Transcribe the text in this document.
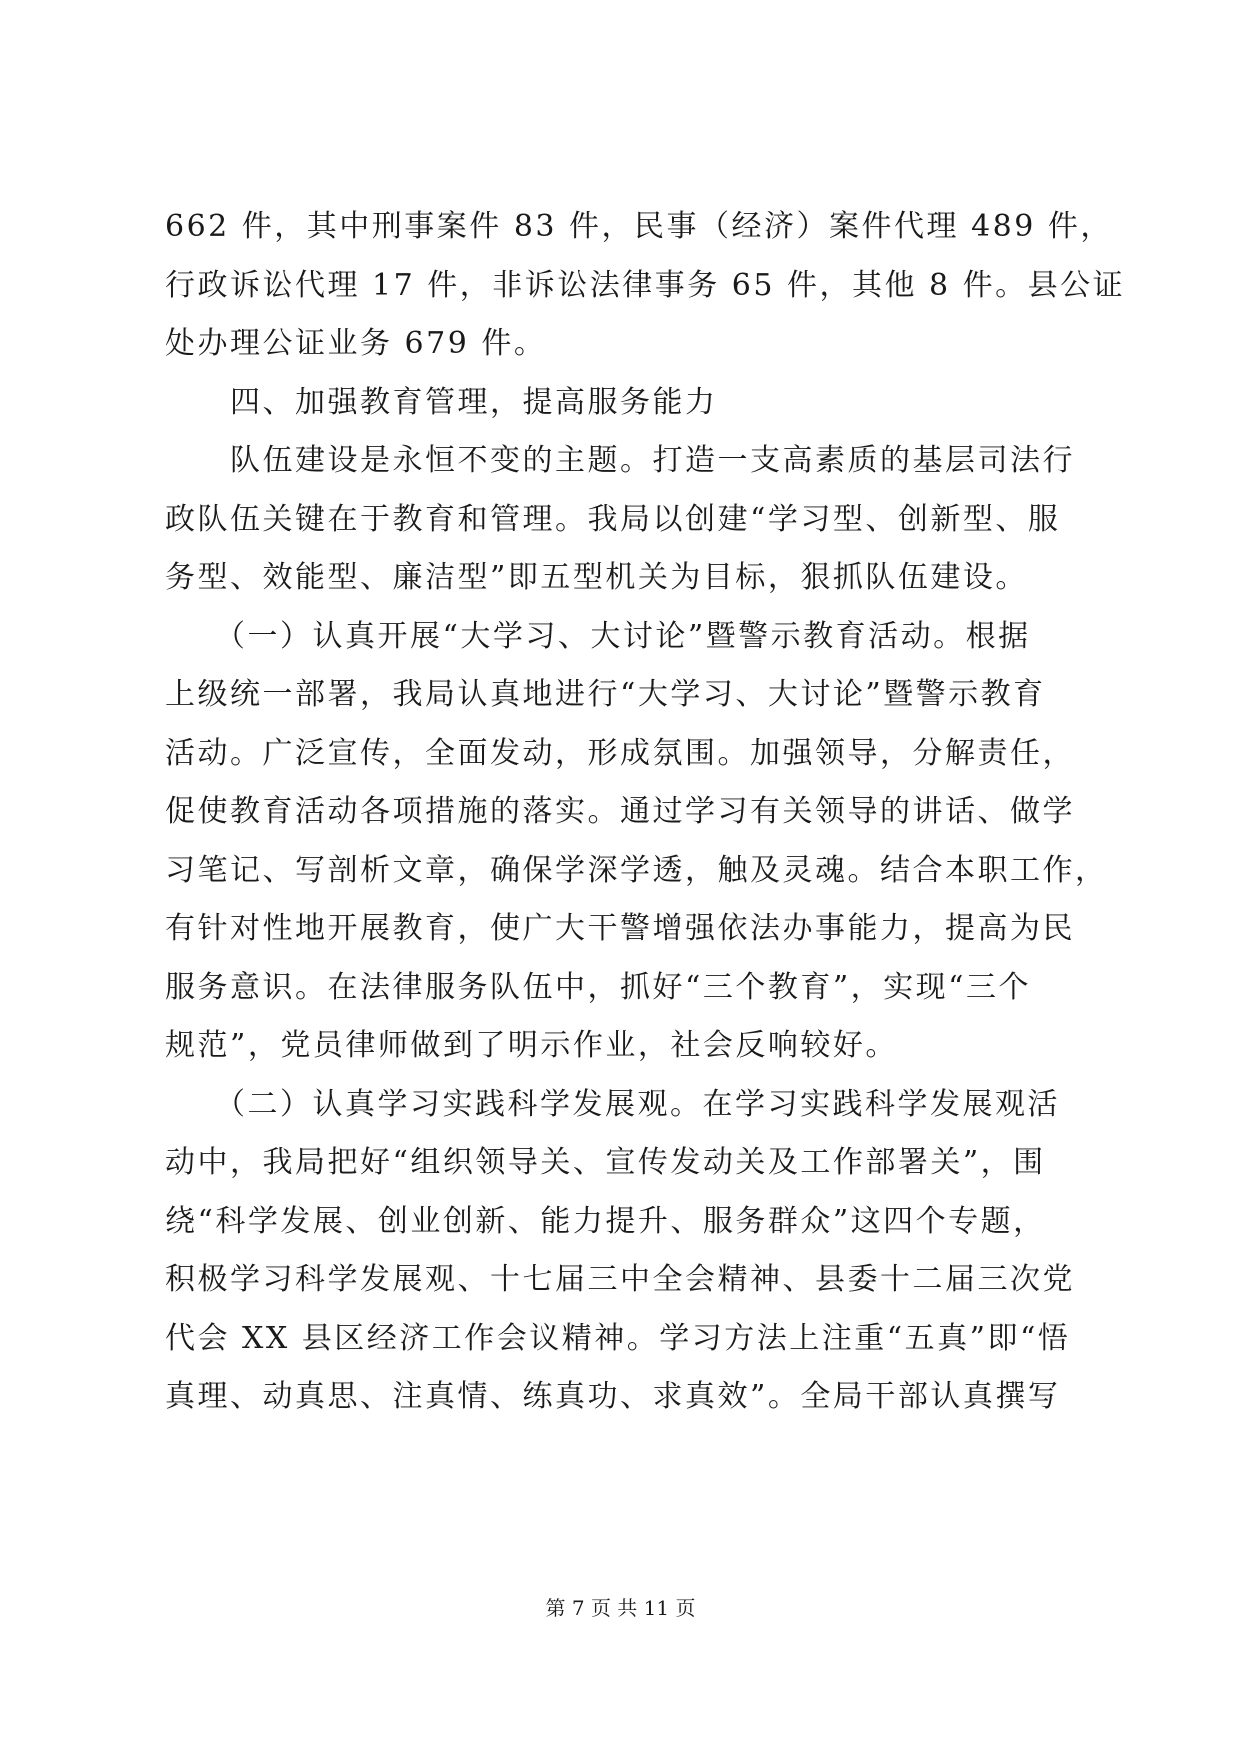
662 件，其中刑事案件 83 件，民事（经济）案件代理 489 件，
行政诉讼代理 17 件，非诉讼法律事务 65 件，其他 8 件。县公证
处办理公证业务 679 件。
　　四、加强教育管理，提高服务能力
　　队伍建设是永恒不变的主题。打造一支高素质的基层司法行
政队伍关键在于教育和管理。我局以创建“学习型、创新型、服
务型、效能型、廉洁型”即五型机关为目标，狠抓队伍建设。
　　（一）认真开展“大学习、大讨论”暨警示教育活动。根据
上级统一部署，我局认真地进行“大学习、大讨论”暨警示教育
活动。广泛宣传，全面发动，形成氛围。加强领导，分解责任，
促使教育活动各项措施的落实。通过学习有关领导的讲话、做学
习笔记、写剖析文章，确保学深学透，触及灵魂。结合本职工作，
有针对性地开展教育，使广大干警增强依法办事能力，提高为民
服务意识。在法律服务队伍中，抓好“三个教育”，实现“三个
规范”，党员律师做到了明示作业，社会反响较好。
　　（二）认真学习实践科学发展观。在学习实践科学发展观活
动中，我局把好“组织领导关、宣传发动关及工作部署关”，围
绕“科学发展、创业创新、能力提升、服务群众”这四个专题，
积极学习科学发展观、十七届三中全会精神、县委十二届三次党
代会 XX 县区经济工作会议精神。学习方法上注重“五真”即“悟
真理、动真思、注真情、练真功、求真效”。全局干部认真撰写
第 7 页 共 11 页
